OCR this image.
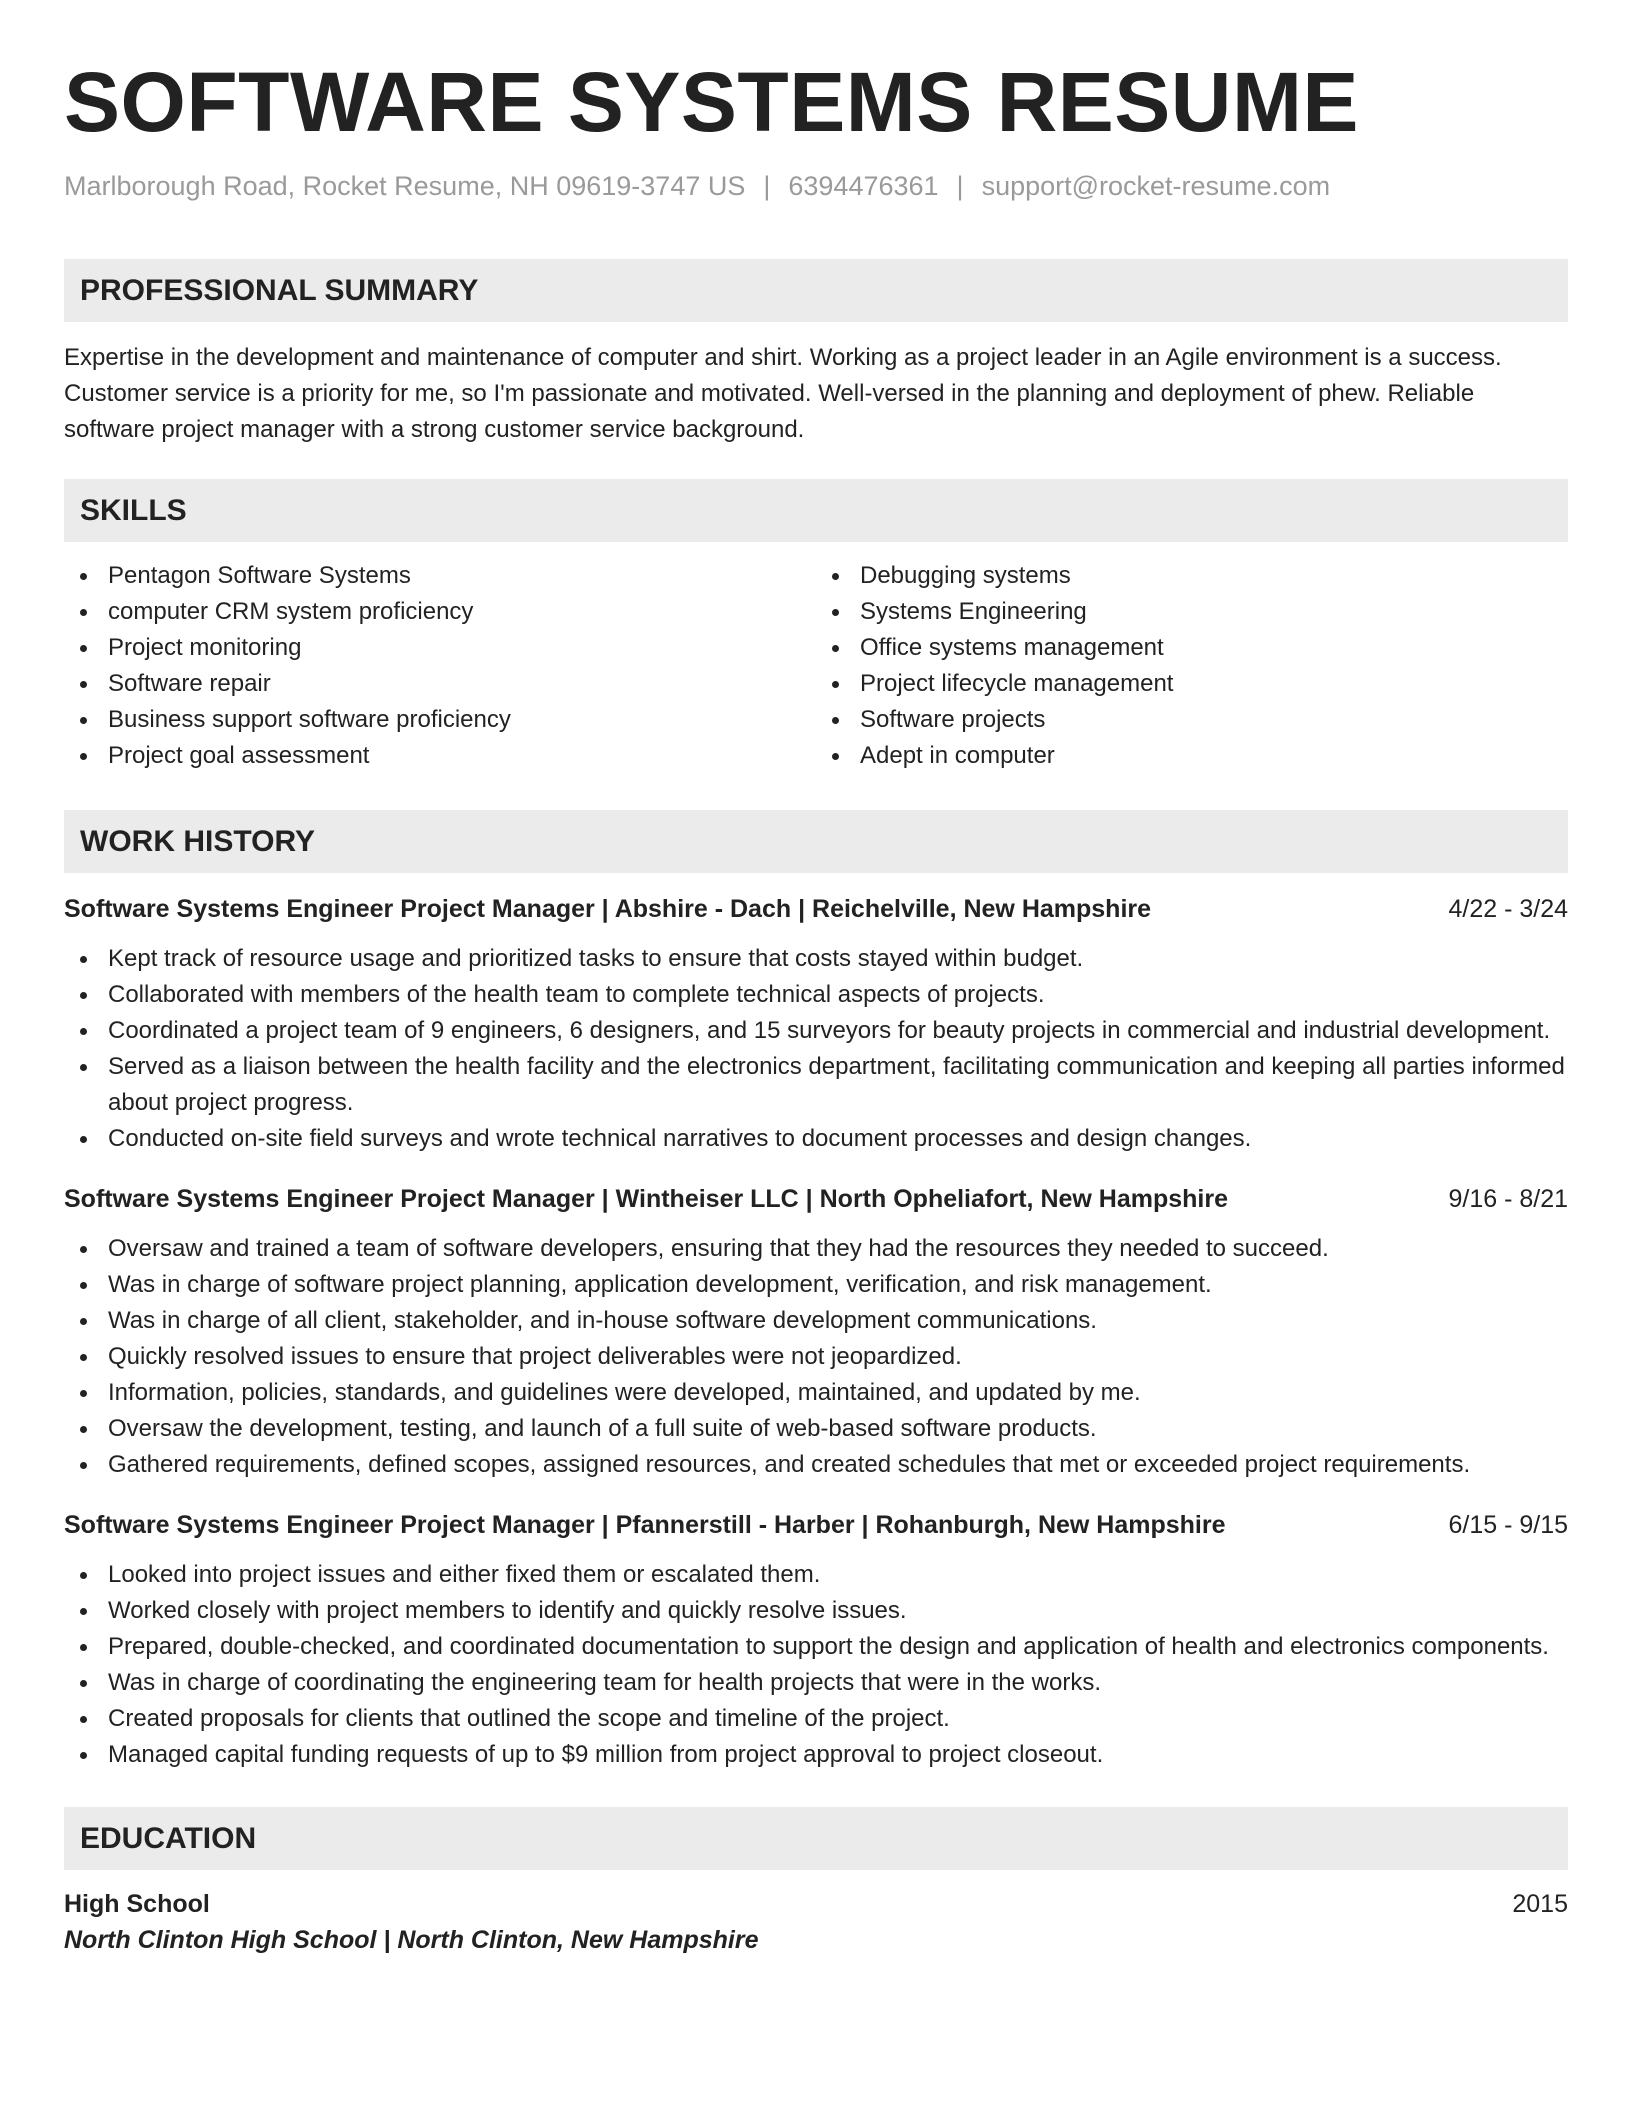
SOFTWARE SYSTEMS RESUME
Marlborough Road, Rocket Resume, NH 09619-3747 US | 6394476361 | support@rocket-resume.com
PROFESSIONAL SUMMARY
Expertise in the development and maintenance of computer and shirt. Working as a project leader in an Agile environment is a success. Customer service is a priority for me, so I'm passionate and motivated. Well-versed in the planning and deployment of phew. Reliable software project manager with a strong customer service background.
SKILLS
Pentagon Software Systems
computer CRM system proficiency
Project monitoring
Software repair
Business support software proficiency
Project goal assessment
Debugging systems
Systems Engineering
Office systems management
Project lifecycle management
Software projects
Adept in computer
WORK HISTORY
Software Systems Engineer Project Manager | Abshire - Dach | Reichelville, New Hampshire	4/22 - 3/24
Kept track of resource usage and prioritized tasks to ensure that costs stayed within budget.
Collaborated with members of the health team to complete technical aspects of projects.
Coordinated a project team of 9 engineers, 6 designers, and 15 surveyors for beauty projects in commercial and industrial development.
Served as a liaison between the health facility and the electronics department, facilitating communication and keeping all parties informed about project progress.
Conducted on-site field surveys and wrote technical narratives to document processes and design changes.
Software Systems Engineer Project Manager | Wintheiser LLC | North Opheliafort, New Hampshire	9/16 - 8/21
Oversaw and trained a team of software developers, ensuring that they had the resources they needed to succeed.
Was in charge of software project planning, application development, verification, and risk management.
Was in charge of all client, stakeholder, and in-house software development communications.
Quickly resolved issues to ensure that project deliverables were not jeopardized.
Information, policies, standards, and guidelines were developed, maintained, and updated by me.
Oversaw the development, testing, and launch of a full suite of web-based software products.
Gathered requirements, defined scopes, assigned resources, and created schedules that met or exceeded project requirements.
Software Systems Engineer Project Manager | Pfannerstill - Harber | Rohanburgh, New Hampshire	6/15 - 9/15
Looked into project issues and either fixed them or escalated them.
Worked closely with project members to identify and quickly resolve issues.
Prepared, double-checked, and coordinated documentation to support the design and application of health and electronics components.
Was in charge of coordinating the engineering team for health projects that were in the works.
Created proposals for clients that outlined the scope and timeline of the project.
Managed capital funding requests of up to $9 million from project approval to project closeout.
EDUCATION
High School	2015
North Clinton High School | North Clinton, New Hampshire
